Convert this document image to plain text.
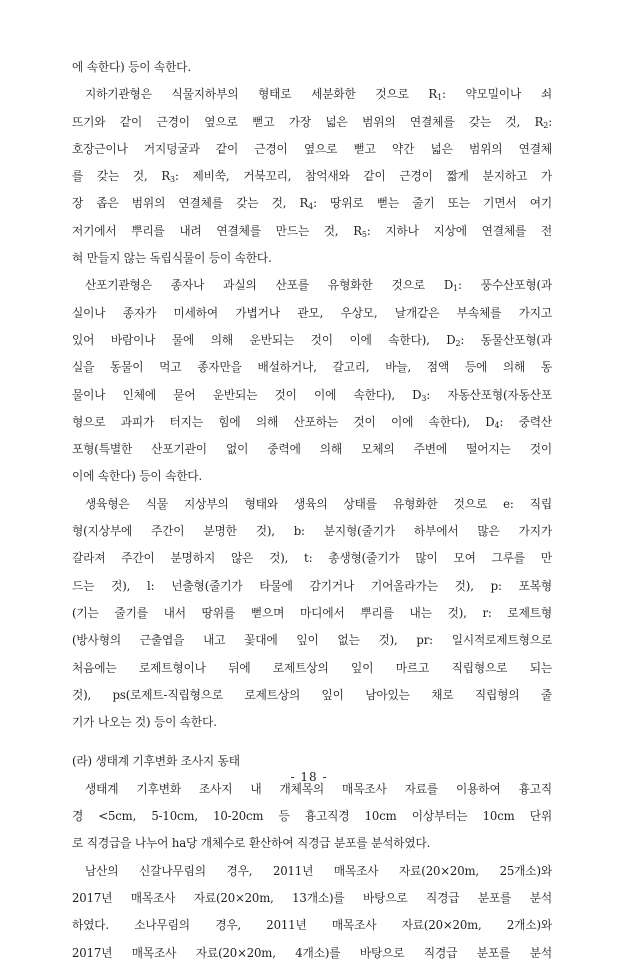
에 속한다) 등이 속한다.
지하기관형은 식물지하부의 형태로 세분화한 것으로 $R_1$: 약모밀이나 쇠
뜨기와 같이 근경이 옆으로 뻗고 가장 넓은 범위의 연결체를 갖는 것, $R_2$:
호장근이나 거지덩굴과 같이 근경이 옆으로 뻗고 약간 넓은 범위의 연결체
를 갖는 것, $R_3$: 제비쑥, 거북꼬리, 참억새와 같이 근경이 짧게 분지하고 가
장 좁은 범위의 연결체를 갖는 것, $R_4$: 땅위로 뻗는 줄기 또는 기면서 여기
저기에서 뿌리를 내려 연결체를 만드는 것, $R_5$: 지하나 지상에 연결체를 전
혀 만들지 않는 독립식물이 등이 속한다.
산포기관형은 종자나 과실의 산포를 유형화한 것으로 $D_1$: 풍수산포형(과
실이나 종자가 미세하여 가볍거나 관모, 우상모, 날개같은 부속체를 가지고
있어 바람이나 물에 의해 운반되는 것이 이에 속한다), $D_2$: 동물산포형(과
실을 동물이 먹고 종자만을 배설하거나, 갈고리, 바늘, 점액 등에 의해 동
물이나 인체에 묻어 운반되는 것이 이에 속한다), $D_3$: 자동산포형(자동산포
형으로 과피가 터지는 힘에 의해 산포하는 것이 이에 속한다), $D_4$: 중력산
포형(특별한 산포기관이 없이 중력에 의해 모체의 주변에 떨어지는 것이
이에 속한다) 등이 속한다.
생육형은 식물 지상부의 형태와 생육의 상태를 유형화한 것으로 e: 직립
형(지상부에 주간이 분명한 것), b: 분지형(줄기가 하부에서 많은 가지가
갈라져 주간이 분명하지 않은 것), t: 총생형(줄기가 많이 모여 그루를 만
드는 것), l: 넌출형(줄기가 타물에 감기거나 기어올라가는 것), p: 포복형
(기는 줄기를 내서 땅위를 뻗으며 마디에서 뿌리를 내는 것), r: 로제트형
(방사형의 근출엽을 내고 꽃대에 잎이 없는 것), pr: 일시적로제트형으로
처음에는 로제트형이나 뒤에 로제트상의 잎이 마르고 직립형으로 되는
것), ps(로제트-직립형으로 로제트상의 잎이 남아있는 채로 직립형의 줄
기가 나오는 것) 등이 속한다.
(라) 생태계 기후변화 조사지 동태
생태계 기후변화 조사지 내 개체목의 매목조사 자료를 이용하여 흉고직
경 <5cm, 5-10cm, 10-20cm 등 흉고직경 10cm 이상부터는 10cm 단위
로 직경급을 나누어 ha당 개체수로 환산하여 직경급 분포를 분석하였다.
남산의 신갈나무림의 경우, 2011년 매목조사 자료(20×20m, 25개소)와
2017년 매목조사 자료(20×20m, 13개소)를 바탕으로 직경급 분포를 분석
하였다. 소나무림의 경우, 2011년 매목조사 자료(20×20m, 2개소)와
2017년 매목조사 자료(20×20m, 4개소)를 바탕으로 직경급 분포를 분석
- 18 -
